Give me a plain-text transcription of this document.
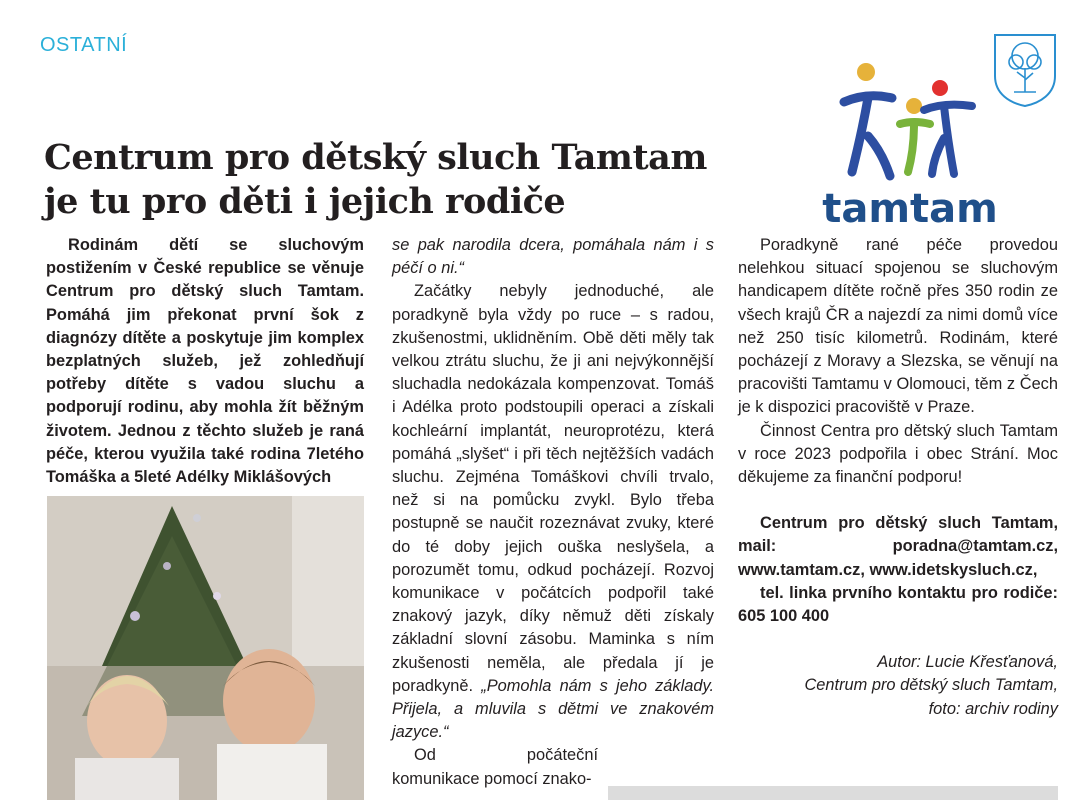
OSTATNÍ
tamtam
Centrum pro dětský sluch Tamtam
je tu pro děti i jejich rodiče

Rodinám dětí se sluchovým postižením v České republice se věnuje Centrum pro dětský sluch Tamtam. Pomáhá jim překonat první šok z diagnózy dítěte a poskytuje jim komplex bezplatných služeb, jež zohledňují potřeby dítěte s vadou sluchu a podporují rodinu, aby mohla žít běžným životem. Jednou z těchto služeb je raná péče, kterou využila také rodina 7letého Tomáška a 5leté Adélky Miklášových

se pak narodila dcera, pomáhala nám i s péčí o ni.“

Začátky nebyly jednoduché, ale poradkyně byla vždy po ruce – s radou, zkušenostmi, uklidněním. Obě děti měly tak velkou ztrátu sluchu, že ji ani nejvýkonnější sluchadla nedokázala kompenzovat. Tomáš i Adélka proto podstoupili operaci a získali kochleární implantát, neuroprotézu, která pomáhá „slyšet“ i při těch nejtěžších vadách sluchu. Zejména Tomáškovi chvíli trvalo, než si na pomůcku zvykl. Bylo třeba postupně se naučit rozeznávat zvuky, které do té doby jejich ouška neslyšela, a porozumět tomu, odkud pocházejí. Rozvoj komunikace v počátcích podpořil také znakový jazyk, díky němuž děti získaly základní slovní zásobu. Maminka s ním zkušenosti neměla, ale předala jí je poradkyně. „Pomohla nám s jeho základy. Přijela, a mluvila s dětmi ve znakovém jazyce.“

Od počáteční komunikace pomocí znako-

Poradkyně rané péče provedou nelehkou situací spojenou se sluchovým handicapem dítěte ročně přes 350 rodin ze všech krajů ČR a najezdí za nimi domů více než 250 tisíc kilometrů. Rodinám, které pocházejí z Moravy a Slezska, se věnují na pracovišti Tamtamu v Olomouci, těm z Čech je k dispozici pracoviště v Praze.

Činnost Centra pro dětský sluch Tamtam v roce 2023 podpořila i obec Strání. Moc děkujeme za finanční podporu!

Centrum pro dětský sluch Tamtam, mail: poradna@tamtam.cz, www.tamtam.cz, www.idetskysluch.cz,

tel. linka prvního kontaktu pro rodiče: 605 100 400

Autor: Lucie Křesťanová,

Centrum pro dětský sluch Tamtam,

foto: archiv rodiny
